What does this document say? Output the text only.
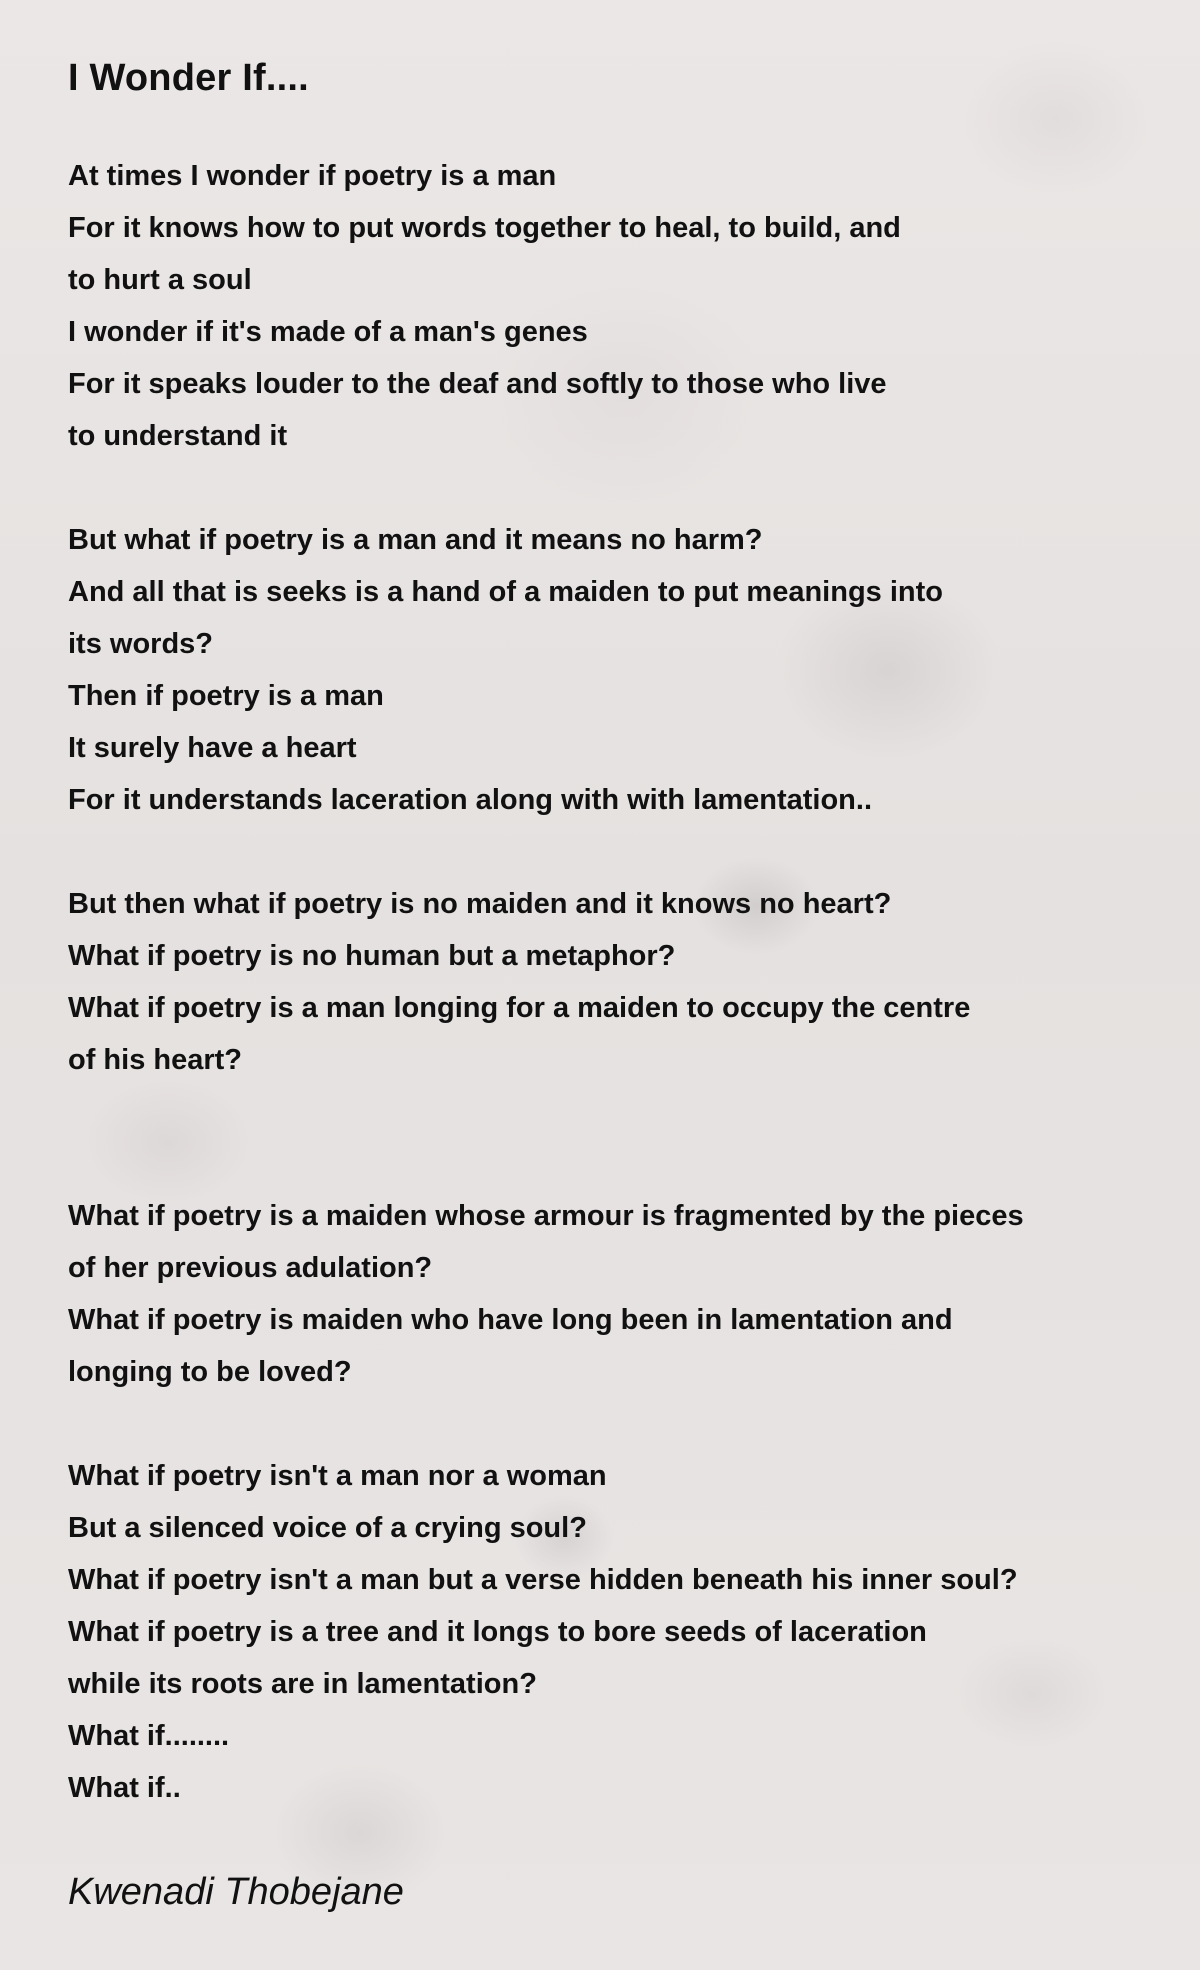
I Wonder If....
At times I wonder if poetry is a man
For it knows how to put words together to heal, to build, and
to hurt a soul
I wonder if it's made of a man's genes
For it speaks louder to the deaf and softly to those who live
to understand it
But what if poetry is a man and it means no harm?
And all that is seeks is a hand of a maiden to put meanings into
its words?
Then if poetry is a man
It surely have a heart
For it understands laceration along with with lamentation..
But then what if poetry is no maiden and it knows no heart?
What if poetry is no human but a metaphor?
What if poetry is a man longing for a maiden to occupy the centre
of his heart?
What if poetry is a maiden whose armour is fragmented by the pieces
of her previous adulation?
What if poetry is maiden who have long been in lamentation and
longing to be loved?
What if poetry isn't a man nor a woman
But a silenced voice of a crying soul?
What if poetry isn't a man but a verse hidden beneath his inner soul?
What if poetry is a tree and it longs to bore seeds of laceration
while its roots are in lamentation?
What if........
What if..
Kwenadi Thobejane
